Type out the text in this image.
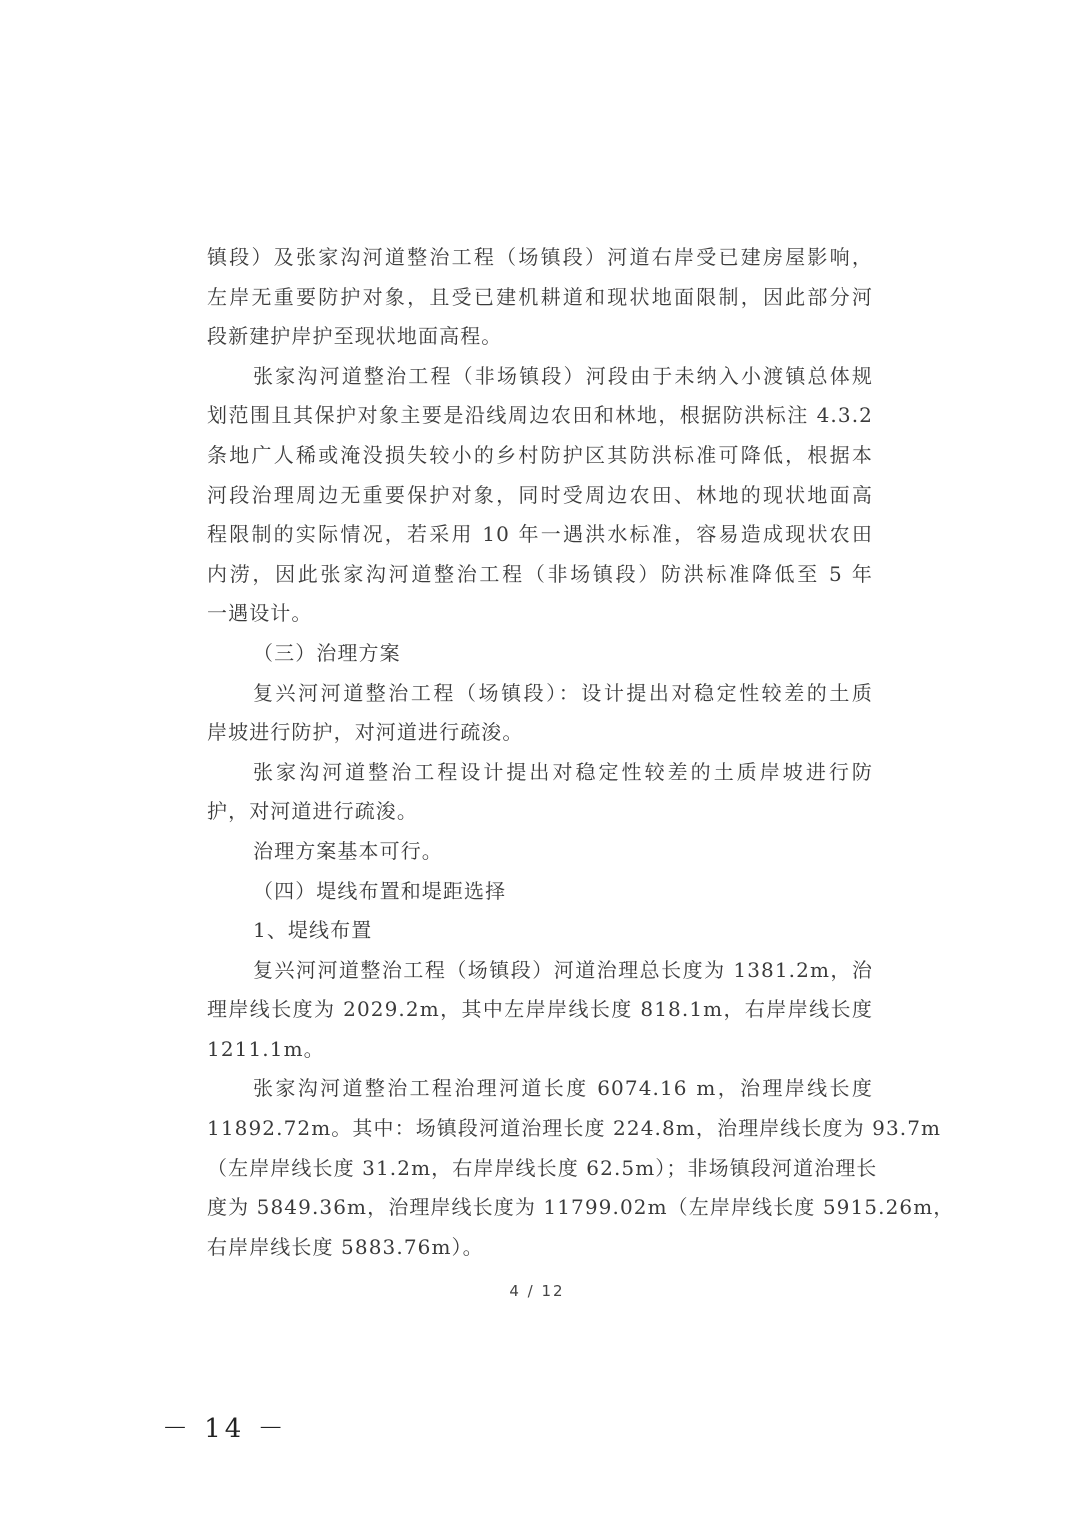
镇段）及张家沟河道整治工程（场镇段）河道右岸受已建房屋影响，
左岸无重要防护对象，且受已建机耕道和现状地面限制，因此部分河
段新建护岸护至现状地面高程。
张家沟河道整治工程（非场镇段）河段由于未纳入小渡镇总体规
划范围且其保护对象主要是沿线周边农田和林地，根据防洪标注 4.3.2
条地广人稀或淹没损失较小的乡村防护区其防洪标准可降低，根据本
河段治理周边无重要保护对象，同时受周边农田、林地的现状地面高
程限制的实际情况，若采用 10 年一遇洪水标准，容易造成现状农田
内涝，因此张家沟河道整治工程（非场镇段）防洪标准降低至 5 年
一遇设计。
（三）治理方案
复兴河河道整治工程（场镇段）：设计提出对稳定性较差的土质
岸坡进行防护，对河道进行疏浚。
张家沟河道整治工程设计提出对稳定性较差的土质岸坡进行防
护，对河道进行疏浚。
治理方案基本可行。
（四）堤线布置和堤距选择
1、堤线布置
复兴河河道整治工程（场镇段）河道治理总长度为 1381.2m，治
理岸线长度为 2029.2m，其中左岸岸线长度 818.1m，右岸岸线长度
1211.1m。
张家沟河道整治工程治理河道长度 6074.16 m，治理岸线长度
11892.72m。其中：场镇段河道治理长度 224.8m，治理岸线长度为 93.7m
（左岸岸线长度 31.2m，右岸岸线长度 62.5m）；非场镇段河道治理长
度为 5849.36m，治理岸线长度为 11799.02m（左岸岸线长度 5915.26m，
右岸岸线长度 5883.76m）。
4 / 12
－ 14 －
